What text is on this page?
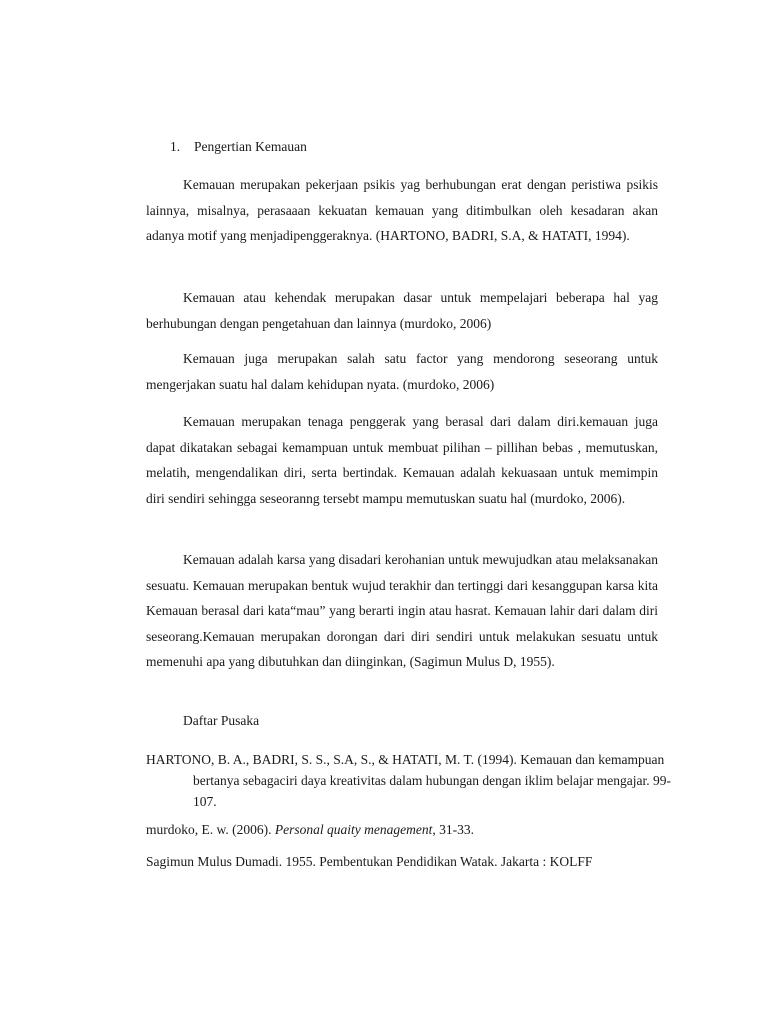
1. Pengertian Kemauan

Kemauan merupakan pekerjaan psikis yag berhubungan erat dengan peristiwa psikis lainnya, misalnya, perasaaan kekuatan kemauan yang ditimbulkan oleh kesadaran akan adanya motif yang menjadipenggeraknya. (HARTONO, BADRI, S.A, & HATATI, 1994).

Kemauan atau kehendak merupakan dasar untuk mempelajari beberapa hal yag berhubungan dengan pengetahuan dan lainnya (murdoko, 2006)

Kemauan juga merupakan salah satu factor yang mendorong seseorang untuk mengerjakan suatu hal dalam kehidupan nyata. (murdoko, 2006)

Kemauan merupakan tenaga penggerak yang berasal dari dalam diri.kemauan juga dapat dikatakan sebagai kemampuan untuk membuat pilihan – pillihan bebas , memutuskan, melatih, mengendalikan diri, serta bertindak. Kemauan adalah kekuasaan untuk memimpin diri sendiri sehingga seseoranng tersebt mampu memutuskan suatu hal (murdoko, 2006).

Kemauan adalah karsa yang disadari kerohanian untuk mewujudkan atau melaksanakan sesuatu. Kemauan merupakan bentuk wujud terakhir dan tertinggi dari kesanggupan karsa kita Kemauan berasal dari kata“mau” yang berarti ingin atau hasrat. Kemauan lahir dari dalam diri seseorang.Kemauan merupakan dorongan dari diri sendiri untuk melakukan sesuatu untuk memenuhi apa yang dibutuhkan dan diinginkan, (Sagimun Mulus D, 1955).

Daftar Pusaka

HARTONO, B. A., BADRI, S. S., S.A, S., & HATATI, M. T. (1994). Kemauan dan kemampuan bertanya sebagaciri daya kreativitas dalam hubungan dengan iklim belajar mengajar. 99-107.

murdoko, E. w. (2006). Personal quaity menagement, 31-33.

Sagimun Mulus Dumadi. 1955. Pembentukan Pendidikan Watak. Jakarta : KOLFF
